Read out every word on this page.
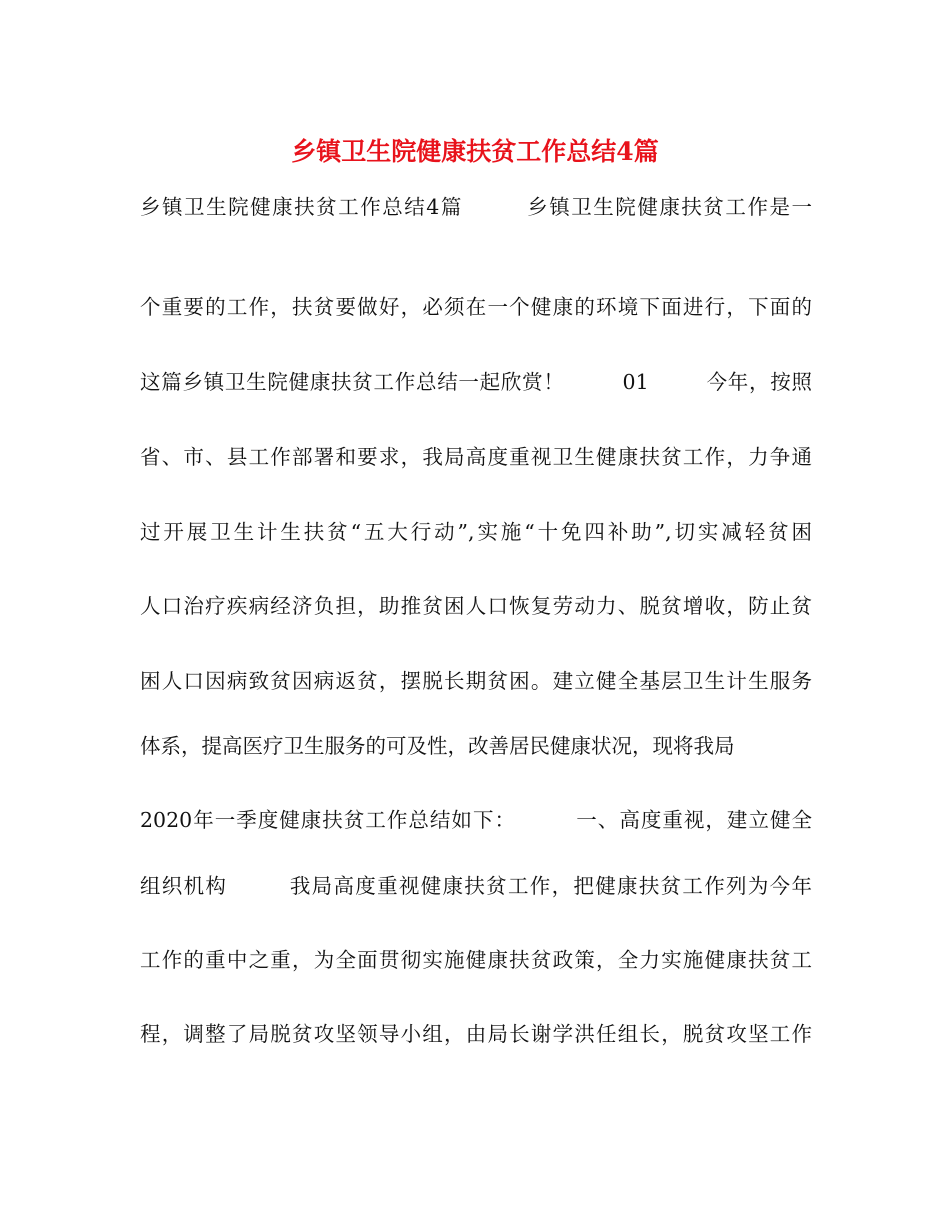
乡镇卫生院健康扶贫工作总结4篇
乡镇卫生院健康扶贫工作总结4篇        乡镇卫生院健康扶贫工作是一
个重要的工作，扶贫要做好，必须在一个健康的环境下面进行，下面的
这篇乡镇卫生院健康扶贫工作总结一起欣赏！        01        今年，按照
省、市、县工作部署和要求，我局高度重视卫生健康扶贫工作，力争通
过开展卫生计生扶贫“五大行动”,实施“十免四补助”,切实减轻贫困
人口治疗疾病经济负担，助推贫困人口恢复劳动力、脱贫增收，防止贫
困人口因病致贫因病返贫，摆脱长期贫困。建立健全基层卫生计生服务
体系，提高医疗卫生服务的可及性，改善居民健康状况，现将我局
2020年一季度健康扶贫工作总结如下：        一、高度重视，建立健全
组织机构        我局高度重视健康扶贫工作，把健康扶贫工作列为今年
工作的重中之重，为全面贯彻实施健康扶贫政策，全力实施健康扶贫工
程，调整了局脱贫攻坚领导小组，由局长谢学洪任组长，脱贫攻坚工作
